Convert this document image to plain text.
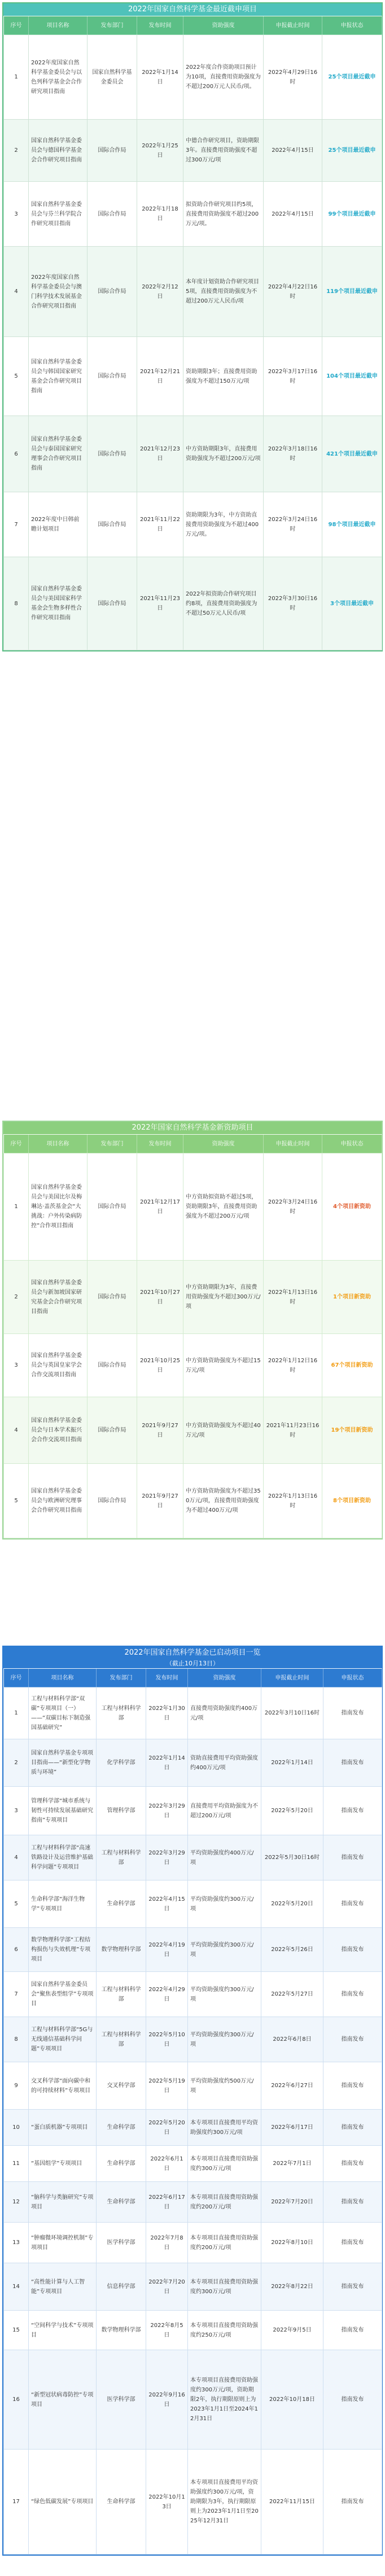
2022年国家自然科学基金最近截申项目
序号	项目名称	发布部门	发布时间	资助强度	申报截止时间	申报状态
1	2022年度国家自然科学基金委员会与以色列科学基金会合作研究项目指南	国家自然科学基金委员会	2022年1月14日	2022年度合作资助项目预计为10项，直接费用资助强度为不超过200万元人民币/项。	2022年4月29日16时	25个项目最近截申
2	国家自然科学基金委员会与德国科学基金会合作研究项目指南	国际合作局	2022年1月25日	中德合作研究项目，资助期限3年。直接费用资助强度不超过300万元/项	2022年4月15日	25个项目最近截申
3	国家自然科学基金委员会与芬兰科学院合作研究项目指南	国际合作局	2022年1月18日	拟资助合作研究项目约5项，直接费用资助强度不超过200万元/项。	2022年4月15日	99个项目最近截申
4	2022年度国家自然科学基金委员会与澳门科学技术发展基金合作研究项目指南	国际合作局	2022年2月12日	本年度计划资助合作研究项目5项，直接费用资助强度为不超过200万元人民币/项	2022年4月22日16时	119个项目最近截申
5	国家自然科学基金委员会与韩国国家研究基金会合作研究项目指南	国际合作局	2021年12月21日	资助期限3年；直接费用资助强度为不超过150万元/项	2022年3月17日16时	104个项目最近截申
6	国家自然科学基金委员会与泰国国家研究理事会合作研究项目指南	国际合作局	2021年12月23日	中方资助期限3年，直接费用资助强度为不超过200万元/项	2022年3月18日16时	421个项目最近截申
7	2022年度中日韩前瞻计划项目	国际合作局	2021年11月22日	资助期限为3年，中方资助直接费用资助强度为不超过400万元/项。	2022年3月24日16时	98个项目最近截申
8	国家自然科学基金委员会与美国国家科学基金会生物多样性合作研究项目指南	国际合作局	2021年11月23日	2022年拟资助合作研究项目约8项，直接费用资助强度为不超过50万元人民币/项	2022年3月30日16时	3个项目最近截申
2022年国家自然科学基金新资助项目
序号	项目名称	发布部门	发布时间	资助强度	申报截止时间	申报状态
1	国家自然科学基金委员会与美国比尔及梅琳达·盖茨基金会“大挑战：户外传染病防控”合作项目指南	国际合作局	2021年12月17日	中方资助拟资助不超过5项，资助期限3年，直接费用资助强度为不超过200万元/项	2022年3月24日16时	4个项目新资助
2	国家自然科学基金委员会与新加坡国家研究基金会合作研究项目指南	国际合作局	2021年10月27日	中方资助期限为3年，直接费用资助强度为不超过300万元/项	2022年1月13日16时	1个项目新资助
3	国家自然科学基金委员会与英国皇家学会合作交流项目指南	国际合作局	2021年10月25日	中方资助资助强度为不超过15万元/项	2022年1月12日16时	67个项目新资助
4	国家自然科学基金委员会与日本学术振兴会合作交流项目指南	国际合作局	2021年9月27日	中方资助资助强度为不超过40万元/项	2021年11月23日16时	19个项目新资助
5	国家自然科学基金委员会与欧洲研究理事会合作研究项目指南	国际合作局	2021年9月27日	中方资助资助强度为不超过350万元/项，直接费用资助强度为不超过400万元/项	2022年1月13日16时	8个项目新资助
2022年国家自然科学基金已启动项目一览
（截止10月13日）
序号	项目名称	发布部门	发布时间	资助强度	申报截止时间	申报状态
1	工程与材料科学部“双碳”专项项目（一）——“双碳目标下制造强国基础研究”	工程与材料科学部	2022年1月30日	直接费用资助强度约400万元/项	2022年3月10日16时	指南发布
2	国家自然科学基金专项项目指南——“新型化学物质与环境”	化学科学部	2022年1月14日	资助直接费用平均资助强度约400万元/项	2022年1月14日	指南发布
3	管理科学部“城市系统与韧性可持续发展基础研究指南”专项项目	管理科学部	2022年3月29日	直接费用平均资助强度为不超过200万元/项	2022年5月20日	指南发布
4	工程与材料科学部“高速铁路设计及运营维护基础科学问题”专项项目	工程与材料科学部	2022年3月29日	平均资助强度约400万元/项	2022年5月30日16时	指南发布
5	生命科学部“海洋生物学”专项项目	生命科学部	2022年4月15日	平均资助强度约300万元/项	2022年5月20日	指南发布
6	数学物理科学部“工程结构损伤与失效机理”专项项目	数学物理科学部	2022年4月19日	平均资助强度约300万元/项	2022年5月26日	指南发布
7	国家自然科学基金委员会“聚焦表型组学”专项项目	工程与材料科学部	2022年4月29日	平均资助强度约300万元/项	2022年5月27日	指南发布
8	工程与材料科学部“5G与无线通信基础科学问题”专项项目	工程与材料科学部	2022年5月10日	平均资助强度约300万元/项	2022年6月8日	指南发布
9	交叉科学部“面向碳中和的可持续材料”专项项目	交叉科学部	2022年5月19日	平均资助强度约500万元/项	2022年6月27日	指南发布
10	“蛋白质机器”专项项目	生命科学部	2022年5月20日	本专项项目直接费用平均资助强度约300万元/项	2022年6月17日	指南发布
11	“基因组学”专项项目	生命科学部	2022年6月1日	本专项项目直接费用资助强度约300万元/项	2022年7月1日	指南发布
12	“脑科学与类脑研究”专项项目	生命科学部	2022年6月17日	本专项项目直接费用资助强度约200万元/项	2022年7月20日	指南发布
13	“肿瘤微环境调控机制”专项项目	医学科学部	2022年7月8日	本专项项目直接费用资助强度约200万元/项	2022年8月10日	指南发布
14	“高性能计算与人工智能”专项项目	信息科学部	2022年7月20日	本专项项目直接费用资助强度约300万元/项	2022年8月22日	指南发布
15	“空间科学与技术”专项项目	数学物理科学部	2022年8月5日	本专项项目直接费用资助强度约250万元/项	2022年9月5日	指南发布
16	“新型冠状病毒防控”专项项目	医学科学部	2022年9月16日	本专项项目直接费用资助强度约300万元/项，资助期限2年，执行期限原则上为2023年1月1日至2024年12月31日	2022年10月18日	指南发布
17	“绿色低碳发展”专项项目	生命科学部	2022年10月13日	本专项项目直接费用平均资助强度约300万元/项，资助期限为3年，执行期限原则上为2023年1月1日至2025年12月31日	2022年11月15日	指南发布
